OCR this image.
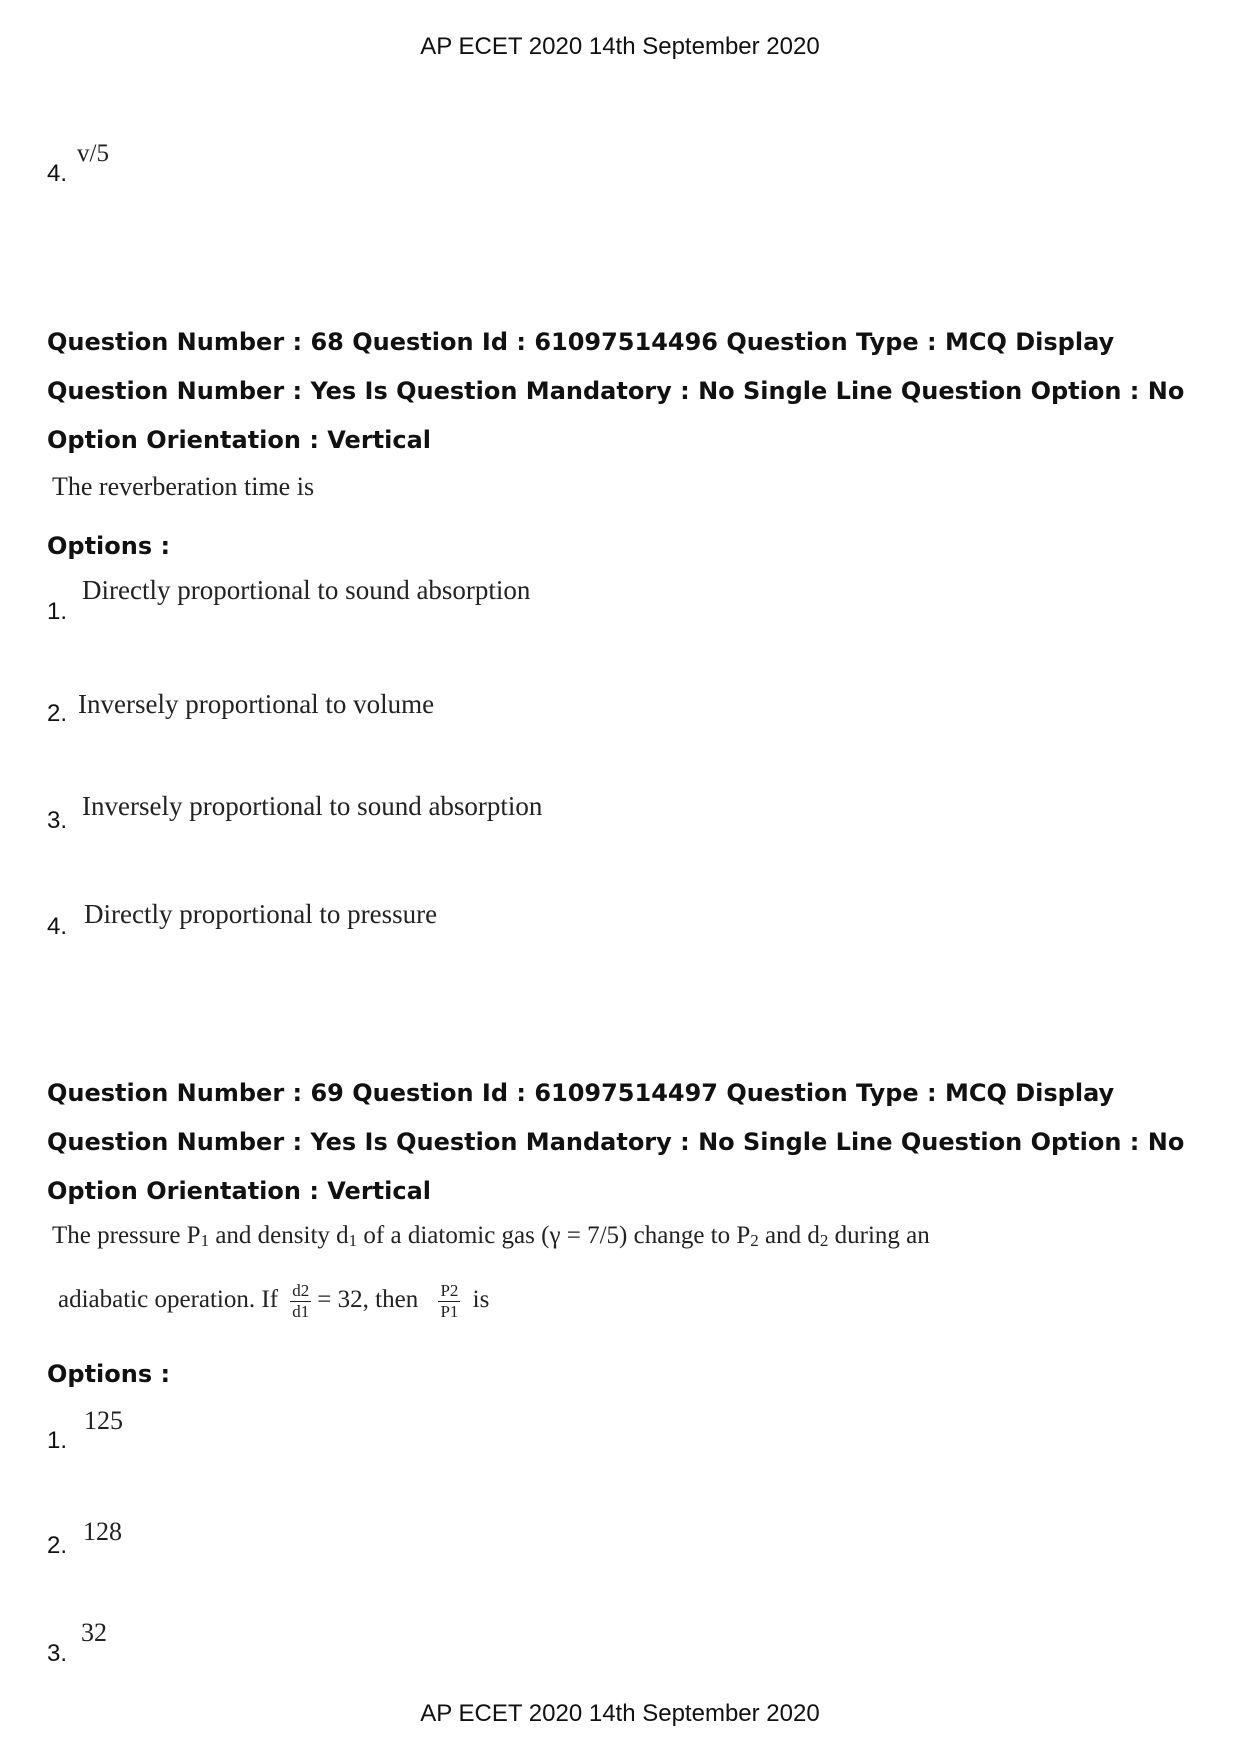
AP ECET 2020 14th September 2020
4.
v/5
Question Number : 68 Question Id : 61097514496 Question Type : MCQ Display Question Number : Yes Is Question Mandatory : No Single Line Question Option : No Option Orientation : Vertical
The reverberation time is
Options :
1.
Directly proportional to sound absorption
2. Inversely proportional to volume
3. Inversely proportional to sound absorption
4. Directly proportional to pressure
Question Number : 69 Question Id : 61097514497 Question Type : MCQ Display Question Number : Yes Is Question Mandatory : No Single Line Question Option : No Option Orientation : Vertical
The pressure $P_1$ and density $d_1$ of a diatomic gas (γ = 7/5) change to $P_2$ and $d_2$ during an
adiabatic operation. If $\frac{d2}{d1} = 32$, then $\frac{P2}{P1}$ is
Options :
1.
125
2. 128
3.
32
AP ECET 2020 14th September 2020
